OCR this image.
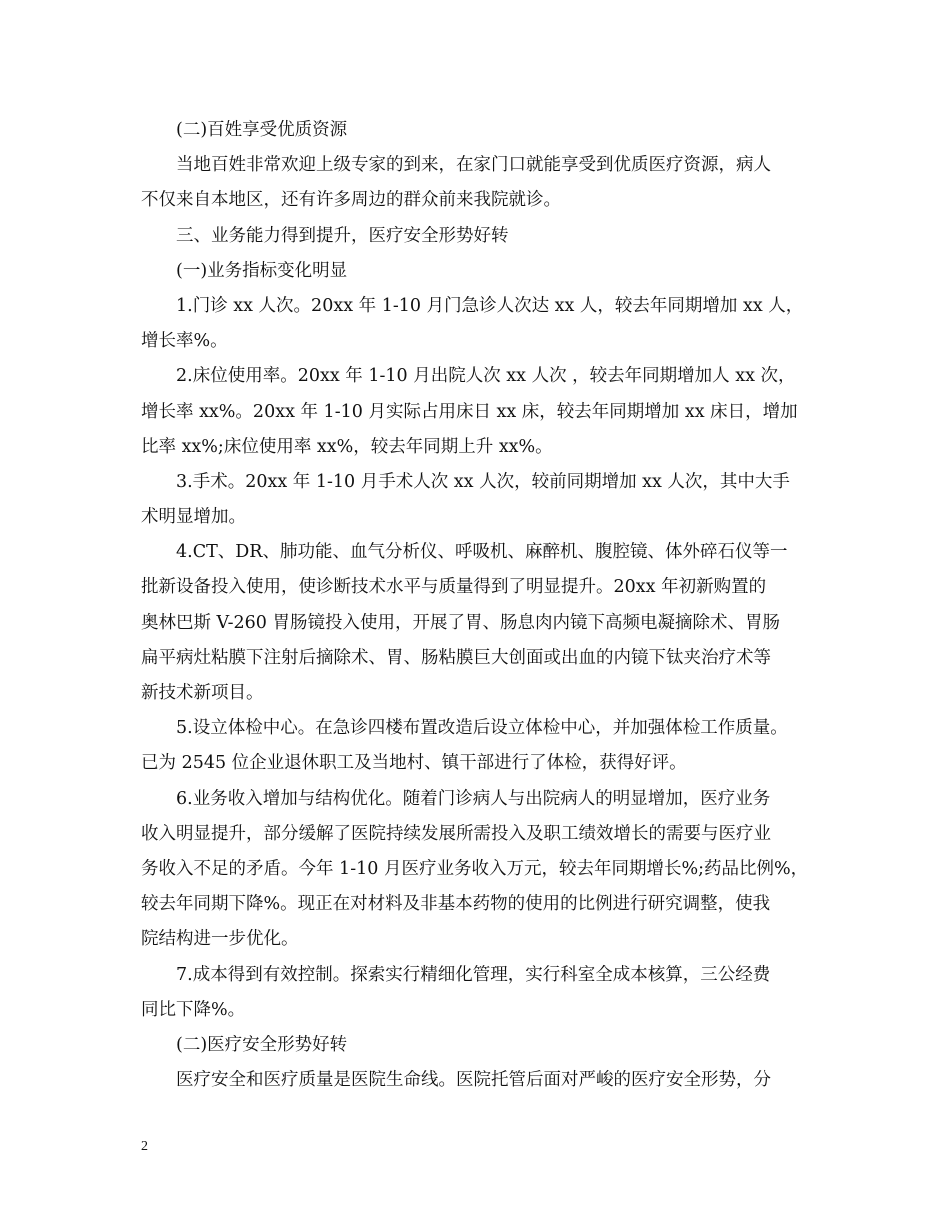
(二)百姓享受优质资源
当地百姓非常欢迎上级专家的到来，在家门口就能享受到优质医疗资源，病人
不仅来自本地区，还有许多周边的群众前来我院就诊。
三、业务能力得到提升，医疗安全形势好转
(一)业务指标变化明显
1.门诊 xx 人次。20xx 年 1-10 月门急诊人次达 xx 人，较去年同期增加 xx 人，
增长率%。
2.床位使用率。20xx 年 1-10 月出院人次 xx 人次 ，较去年同期增加人 xx 次，
增长率 xx%。20xx 年 1-10 月实际占用床日 xx 床，较去年同期增加 xx 床日，增加
比率 xx%;床位使用率 xx%，较去年同期上升 xx%。
3.手术。20xx 年 1-10 月手术人次 xx 人次，较前同期增加 xx 人次，其中大手
术明显增加。
4.CT、DR、肺功能、血气分析仪、呼吸机、麻醉机、腹腔镜、体外碎石仪等一
批新设备投入使用，使诊断技术水平与质量得到了明显提升。20xx 年初新购置的
奥林巴斯 V-260 胃肠镜投入使用，开展了胃、肠息肉内镜下高频电凝摘除术、胃肠
扁平病灶粘膜下注射后摘除术、胃、肠粘膜巨大创面或出血的内镜下钛夹治疗术等
新技术新项目。
5.设立体检中心。在急诊四楼布置改造后设立体检中心，并加强体检工作质量。
已为 2545 位企业退休职工及当地村、镇干部进行了体检，获得好评。
6.业务收入增加与结构优化。随着门诊病人与出院病人的明显增加，医疗业务
收入明显提升，部分缓解了医院持续发展所需投入及职工绩效增长的需要与医疗业
务收入不足的矛盾。今年 1-10 月医疗业务收入万元，较去年同期增长%;药品比例%，
较去年同期下降%。现正在对材料及非基本药物的使用的比例进行研究调整，使我
院结构进一步优化。
7.成本得到有效控制。探索实行精细化管理，实行科室全成本核算，三公经费
同比下降%。
(二)医疗安全形势好转
医疗安全和医疗质量是医院生命线。医院托管后面对严峻的医疗安全形势，分
2
